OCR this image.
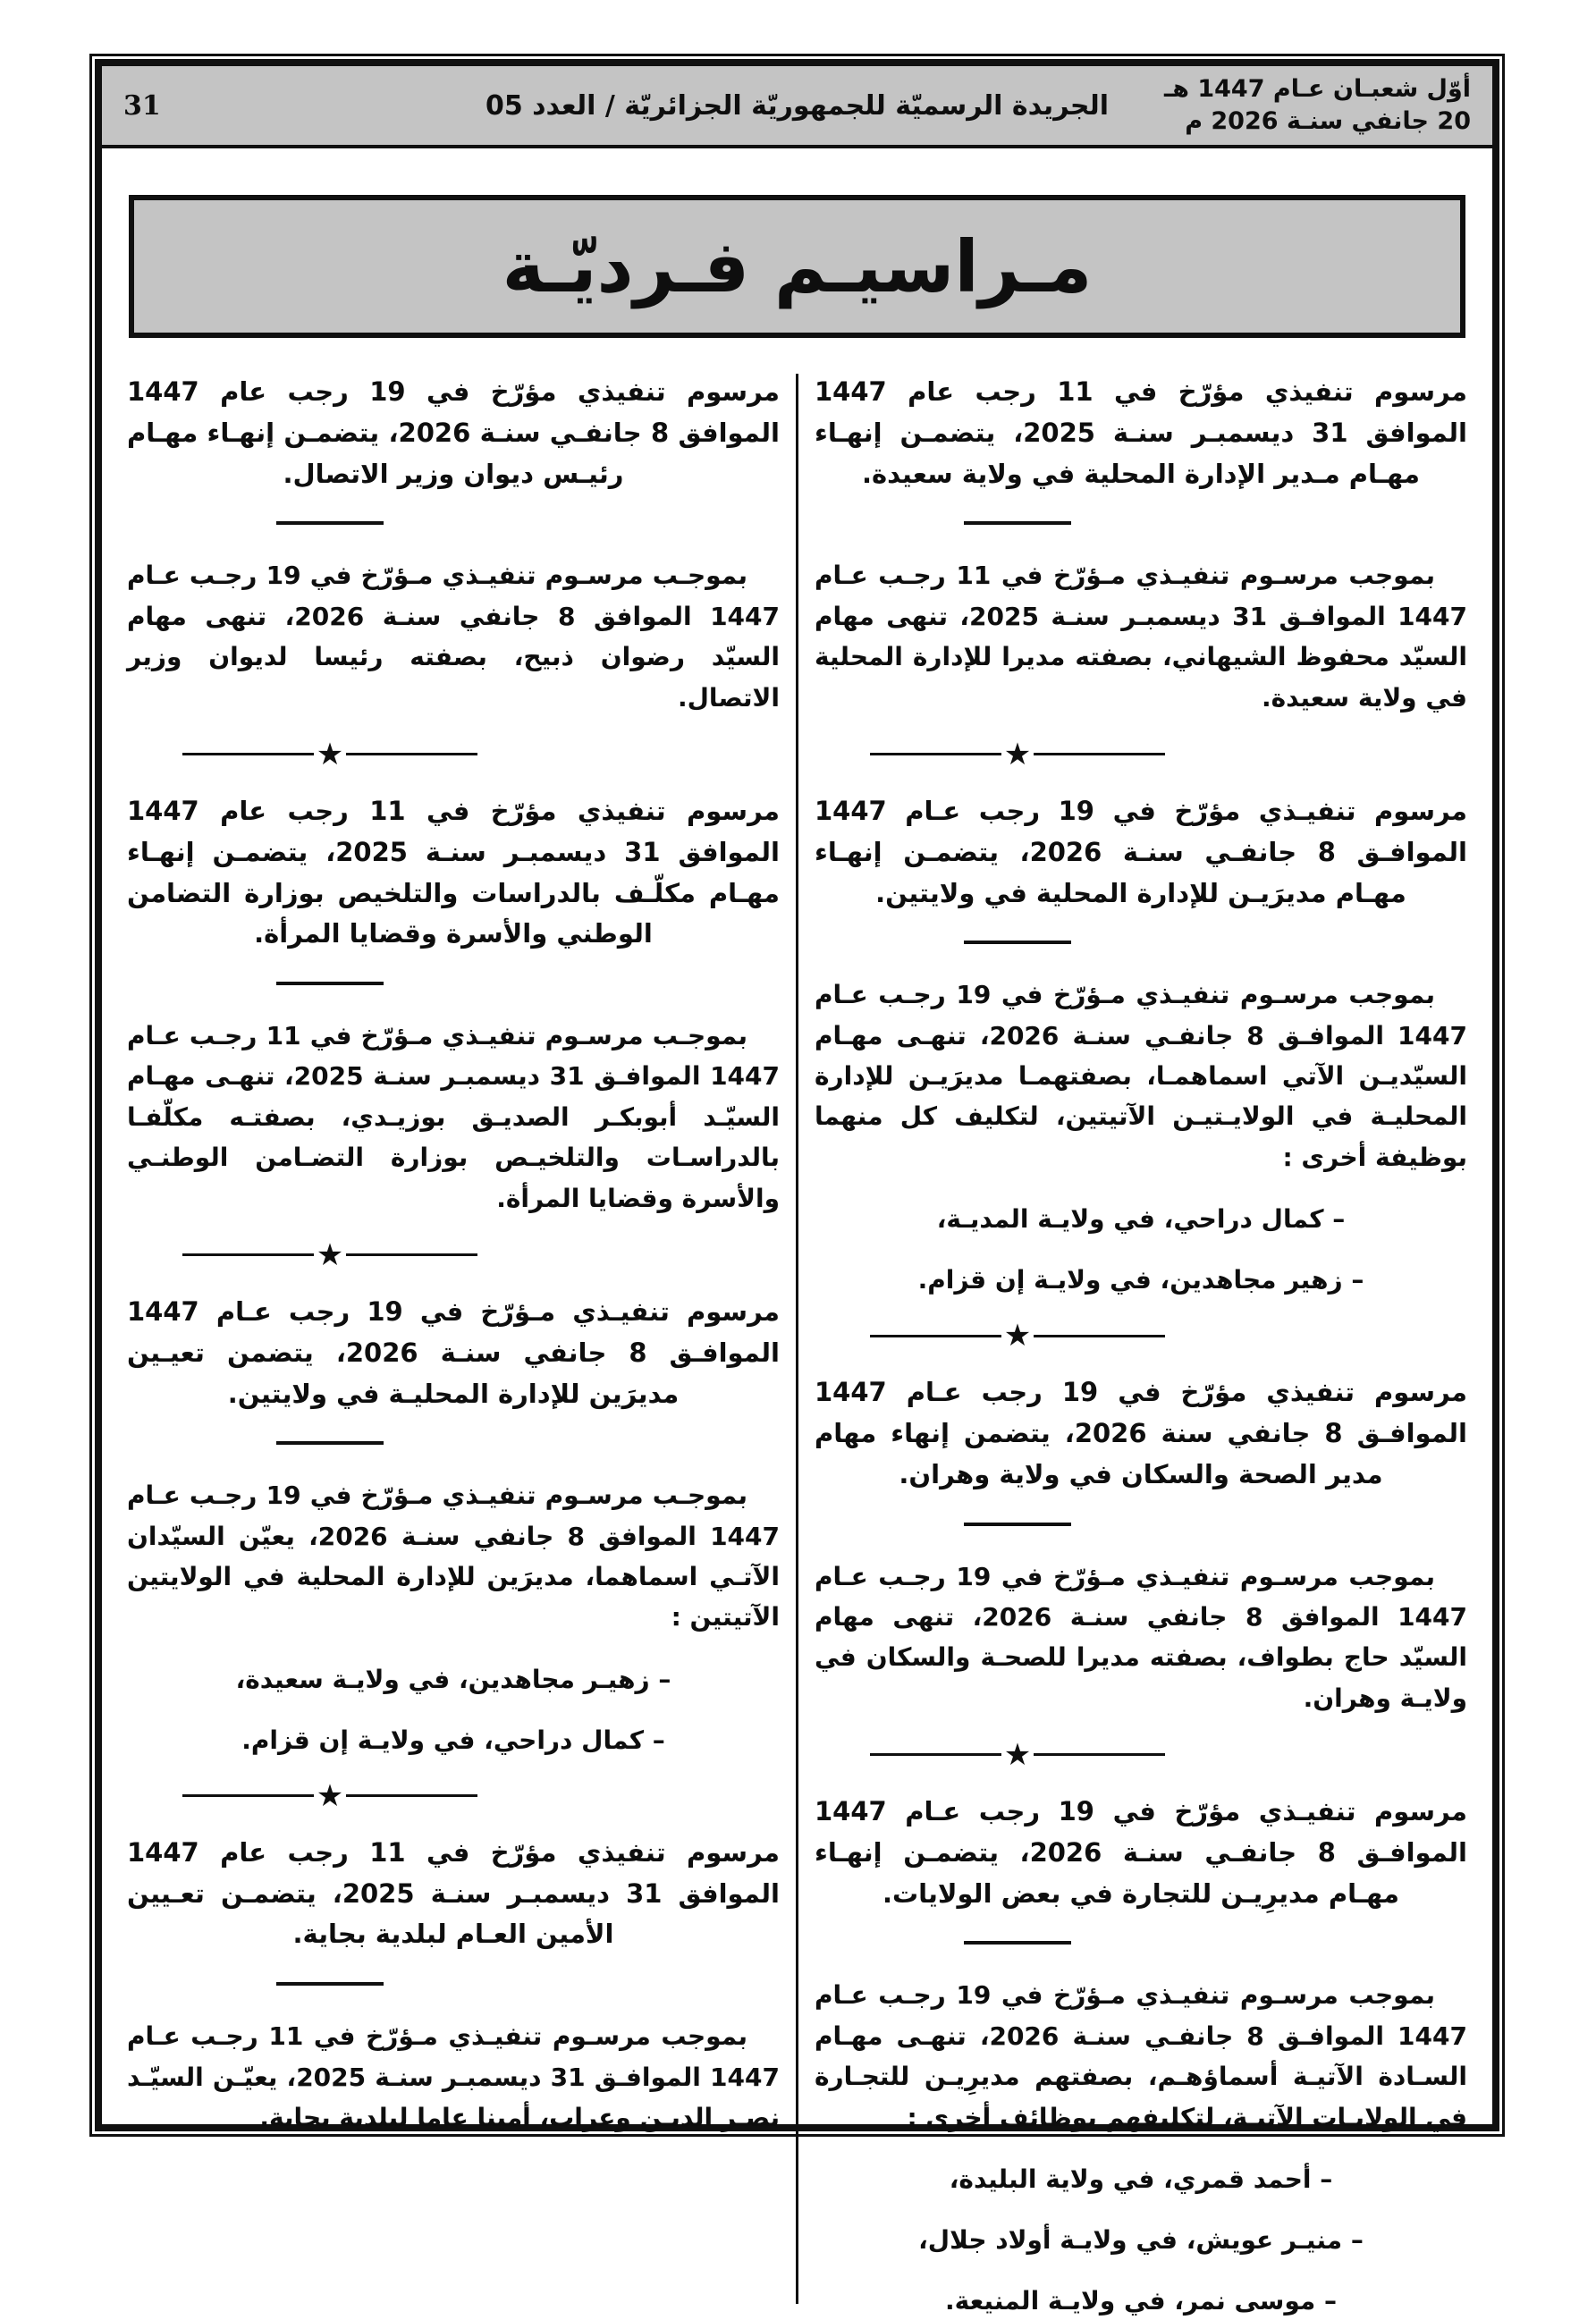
أوّل شعبـان عـام 1447 هـ
20 جانفي سنـة 2026 م
الجريدة الرسميّة للجمهوريّة الجزائريّة / العدد 05
31
مـراسيـم فـرديّـة
مرسوم تنفيذي مؤرّخ في 11 رجب عام 1447 الموافق 31 ديسمبـر سنـة 2025، يتضمـن إنهـاء مهـام مـدير الإدارة المحلية في ولاية سعيدة.

بموجب مرسـوم تنفيـذي مـؤرّخ في 11 رجـب عـام 1447 الموافـق 31 ديسمبـر سنـة 2025، تنهى مهام السيّد محفوظ الشيهاني، بصفته مديرا للإدارة المحلية في ولاية سعيدة.

★
مرسوم تنفيـذي مؤرّخ في 19 رجب عـام 1447 الموافـق 8 جانفـي سنـة 2026، يتضمـن إنهـاء مهـام مديرَيـن للإدارة المحلية في ولايتين.

بموجب مرسـوم تنفيـذي مـؤرّخ في 19 رجـب عـام 1447 الموافـق 8 جانفـي سنـة 2026، تنهـى مهـام السيّديـن الآتي اسماهمـا، بصفتهمـا مديرَيـن للإدارة المحليـة في الولايـتيـن الآتيتين، لتكليف كل منهما بوظيفة أخرى :

– كمال دراحي، في ولايـة المديـة،
– زهير مجاهدين، في ولايـة إن قزام.
★
مرسوم تنفيذي مؤرّخ في 19 رجب عـام 1447 الموافـق 8 جانفي سنة 2026، يتضمن إنهاء مهام مدير الصحة والسكان في ولاية وهران.

بموجب مرسـوم تنفيـذي مـؤرّخ في 19 رجـب عـام 1447 الموافق 8 جانفي سنـة 2026، تنهى مهام السيّد حاج بطواف، بصفته مديرا للصحـة والسكان في ولايـة وهران.

★
مرسوم تنفيـذي مؤرّخ في 19 رجب عـام 1447 الموافـق 8 جانفـي سنـة 2026، يتضمـن إنهـاء مهـام مديرِيـن للتجارة في بعض الولايات.

بموجب مرسـوم تنفيـذي مـؤرّخ في 19 رجـب عـام 1447 الموافـق 8 جانفـي سنـة 2026، تنهـى مهـام السـادة الآتيـة أسماؤهـم، بصفتهم مديرِيـن للتجـارة في الولايـات الآتيـة، لتكليفهم بوظائف أخرى :

– أحمد قمري، في ولاية البليدة،
– منيـر عويش، في ولايـة أولاد جلال،
– موسى نمر، في ولايـة المنيعة.
مرسوم تنفيذي مؤرّخ في 19 رجب عام 1447 الموافق 8 جانفـي سنـة 2026، يتضمـن إنهـاء مهـام رئيـس ديوان وزير الاتصال.

بموجـب مرسـوم تنفيـذي مـؤرّخ في 19 رجـب عـام 1447 الموافق 8 جانفي سنـة 2026، تنهى مهام السيّد رضوان ذبيح، بصفته رئيسا لديوان وزير الاتصال.

★
مرسوم تنفيذي مؤرّخ في 11 رجب عام 1447 الموافق 31 ديسمبـر سنـة 2025، يتضمـن إنهـاء مهـام مكلّـف بالدراسات والتلخيص بوزارة التضامن الوطني والأسرة وقضايا المرأة.

بموجـب مرسـوم تنفيـذي مـؤرّخ في 11 رجـب عـام 1447 الموافـق 31 ديسمبـر سنـة 2025، تنهـى مهـام السيّـد أبوبكـر الصديـق بوزيـدي، بصفتـه مكلّفـا بالدراسـات والتلخيـص بوزارة التضـامن الوطنـي والأسرة وقضايا المرأة.

★
مرسوم تنفيـذي مـؤرّخ في 19 رجب عـام 1447 الموافـق 8 جانفي سنـة 2026، يتضمن تعيـين مديرَين للإدارة المحليـة في ولايتين.

بموجـب مرسـوم تنفيـذي مـؤرّخ في 19 رجـب عـام 1447 الموافق 8 جانفي سنـة 2026، يعيّن السيّدان الآتـي اسماهما، مديرَين للإدارة المحلية في الولايتين الآتيتين :

– زهيـر مجاهدين، في ولايـة سعيدة،
– كمال دراحي، في ولايـة إن قزام.
★
مرسوم تنفيذي مؤرّخ في 11 رجب عام 1447 الموافق 31 ديسمبـر سنـة 2025، يتضمـن تعـيين الأمين العـام لبلدية بجاية.

بموجب مرسـوم تنفيـذي مـؤرّخ في 11 رجـب عـام 1447 الموافـق 31 ديسمبـر سنـة 2025، يعيّـن السيّـد نصـر الديـن وعراب، أمينا عاما لبلدية بجاية.
